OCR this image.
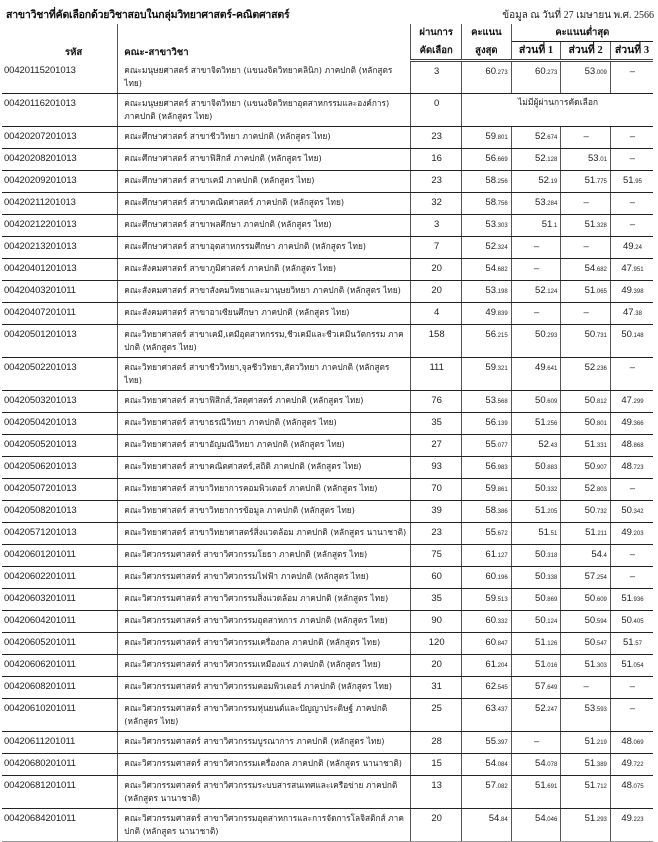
สาขาวิชาที่คัดเลือกด้วยวิชาสอบในกลุ่มวิทยาศาสตร์-คณิตศาสตร์	ข้อมูล ณ วันที่ 27 เมษายน พ.ศ. 2566
รหัส	คณะ-สาขาวิชา	ผ่านการ	คะแนน	คะแนนต่ำสุด		
		คัดเลือก	สูงสุด	ส่วนที่ 1	ส่วนที่ 2	ส่วนที่ 3
00420115201013	คณะมนุษยศาสตร์ สาขาจิตวิทยา (แขนงจิตวิทยาคลินิก) ภาคปกติ (หลักสูตร ไทย)	3	60.273	60.273	53.009	–
00420116201013	คณะมนุษยศาสตร์ สาขาจิตวิทยา (แขนงจิตวิทยาอุตสาหกรรมและองค์การ) ภาคปกติ (หลักสูตร ไทย)	0	ไม่มีผู้ผ่านการคัดเลือก			
00420207201013	คณะศึกษาศาสตร์ สาขาชีววิทยา ภาคปกติ (หลักสูตร ไทย)	23	59.801	52.674	–	–
00420208201013	คณะศึกษาศาสตร์ สาขาฟิสิกส์ ภาคปกติ (หลักสูตร ไทย)	16	56.669	52.128	53.01	–
00420209201013	คณะศึกษาศาสตร์ สาขาเคมี ภาคปกติ (หลักสูตร ไทย)	23	58.256	52.19	51.775	51.95
00420211201013	คณะศึกษาศาสตร์ สาขาคณิตศาสตร์ ภาคปกติ (หลักสูตร ไทย)	32	58.756	53.284	–	–
00420212201013	คณะศึกษาศาสตร์ สาขาพลศึกษา ภาคปกติ (หลักสูตร ไทย)	3	53.303	51.1	51.328	–
00420213201013	คณะศึกษาศาสตร์ สาขาอุตสาหกรรมศึกษา ภาคปกติ (หลักสูตร ไทย)	7	52.324	–	–	49.24
00420401201013	คณะสังคมศาสตร์ สาขาภูมิศาสตร์ ภาคปกติ (หลักสูตร ไทย)	20	54.682	–	54.682	47.951
00420403201011	คณะสังคมศาสตร์ สาขาสังคมวิทยาและมานุษยวิทยา ภาคปกติ (หลักสูตร ไทย)	20	53.198	52.124	51.065	49.398
00420407201011	คณะสังคมศาสตร์ สาขาอาเซียนศึกษา ภาคปกติ (หลักสูตร ไทย)	4	49.839	–	–	47.38
00420501201013	คณะวิทยาศาสตร์ สาขาเคมี,เคมีอุตสาหกรรม,ชีวเคมีและชีวเคมีนวัตกรรม ภาคปกติ (หลักสูตร ไทย)	158	56.215	50.293	50.731	50.148
00420502201013	คณะวิทยาศาสตร์ สาขาชีววิทยา,จุลชีววิทยา,สัตววิทยา ภาคปกติ (หลักสูตร ไทย)	111	59.321	49.641	52.236	–
00420503201013	คณะวิทยาศาสตร์ สาขาฟิสิกส์,วัสดุศาสตร์ ภาคปกติ (หลักสูตร ไทย)	76	53.568	50.609	50.812	47.299
00420504201013	คณะวิทยาศาสตร์ สาขาธรณีวิทยา ภาคปกติ (หลักสูตร ไทย)	35	56.139	51.256	50.801	49.366
00420505201013	คณะวิทยาศาสตร์ สาขาอัญมณีวิทยา ภาคปกติ (หลักสูตร ไทย)	27	55.077	52.43	51.331	48.868
00420506201013	คณะวิทยาศาสตร์ สาขาคณิตศาสตร์,สถิติ ภาคปกติ (หลักสูตร ไทย)	93	56.983	50.883	50.907	48.723
00420507201013	คณะวิทยาศาสตร์ สาขาวิทยาการคอมพิวเตอร์ ภาคปกติ (หลักสูตร ไทย)	70	59.861	50.332	52.803	–
00420508201013	คณะวิทยาศาสตร์ สาขาวิทยาการข้อมูล ภาคปกติ (หลักสูตร ไทย)	39	58.386	51.205	50.732	50.342
00420571201013	คณะวิทยาศาสตร์ สาขาวิทยาศาสตร์สิ่งแวดล้อม ภาคปกติ (หลักสูตร นานาชาติ)	23	55.672	51.51	51.211	49.203
00420601201011	คณะวิศวกรรมศาสตร์ สาขาวิศวกรรมโยธา ภาคปกติ (หลักสูตร ไทย)	75	61.127	50.318	54.4	–
00420602201011	คณะวิศวกรรมศาสตร์ สาขาวิศวกรรมไฟฟ้า ภาคปกติ (หลักสูตร ไทย)	60	60.196	50.338	57.254	–
00420603201011	คณะวิศวกรรมศาสตร์ สาขาวิศวกรรมสิ่งแวดล้อม ภาคปกติ (หลักสูตร ไทย)	35	59.513	50.869	50.609	51.936
00420604201011	คณะวิศวกรรมศาสตร์ สาขาวิศวกรรมอุตสาหการ ภาคปกติ (หลักสูตร ไทย)	90	60.332	50.124	50.594	50.405
00420605201011	คณะวิศวกรรมศาสตร์ สาขาวิศวกรรมเครื่องกล ภาคปกติ (หลักสูตร ไทย)	120	60.847	51.126	50.547	51.57
00420606201011	คณะวิศวกรรมศาสตร์ สาขาวิศวกรรมเหมืองแร่ ภาคปกติ (หลักสูตร ไทย)	20	61.204	51.016	51.303	51.054
00420608201011	คณะวิศวกรรมศาสตร์ สาขาวิศวกรรมคอมพิวเตอร์ ภาคปกติ (หลักสูตร ไทย)	31	62.545	57.649	–	–
00420610201011	คณะวิศวกรรมศาสตร์ สาขาวิศวกรรมหุ่นยนต์และปัญญาประดิษฐ์ ภาคปกติ (หลักสูตร ไทย)	25	63.437	52.247	53.593	–
00420611201011	คณะวิศวกรรมศาสตร์ สาขาวิศวกรรมบูรณาการ ภาคปกติ (หลักสูตร ไทย)	28	55.397	–	51.219	48.069
00420680201011	คณะวิศวกรรมศาสตร์ สาขาวิศวกรรมเครื่องกล ภาคปกติ (หลักสูตร นานาชาติ)	15	54.084	54.078	51.389	49.722
00420681201011	คณะวิศวกรรมศาสตร์ สาขาวิศวกรรมระบบสารสนเทศและเครือข่าย ภาคปกติ (หลักสูตร นานาชาติ)	13	57.082	51.691	51.712	48.075
00420684201011	คณะวิศวกรรมศาสตร์ สาขาวิศวกรรมอุตสาหการและการจัดการโลจิสติกส์ ภาคปกติ (หลักสูตร นานาชาติ)	20	54.84	54.046	51.293	49.223
